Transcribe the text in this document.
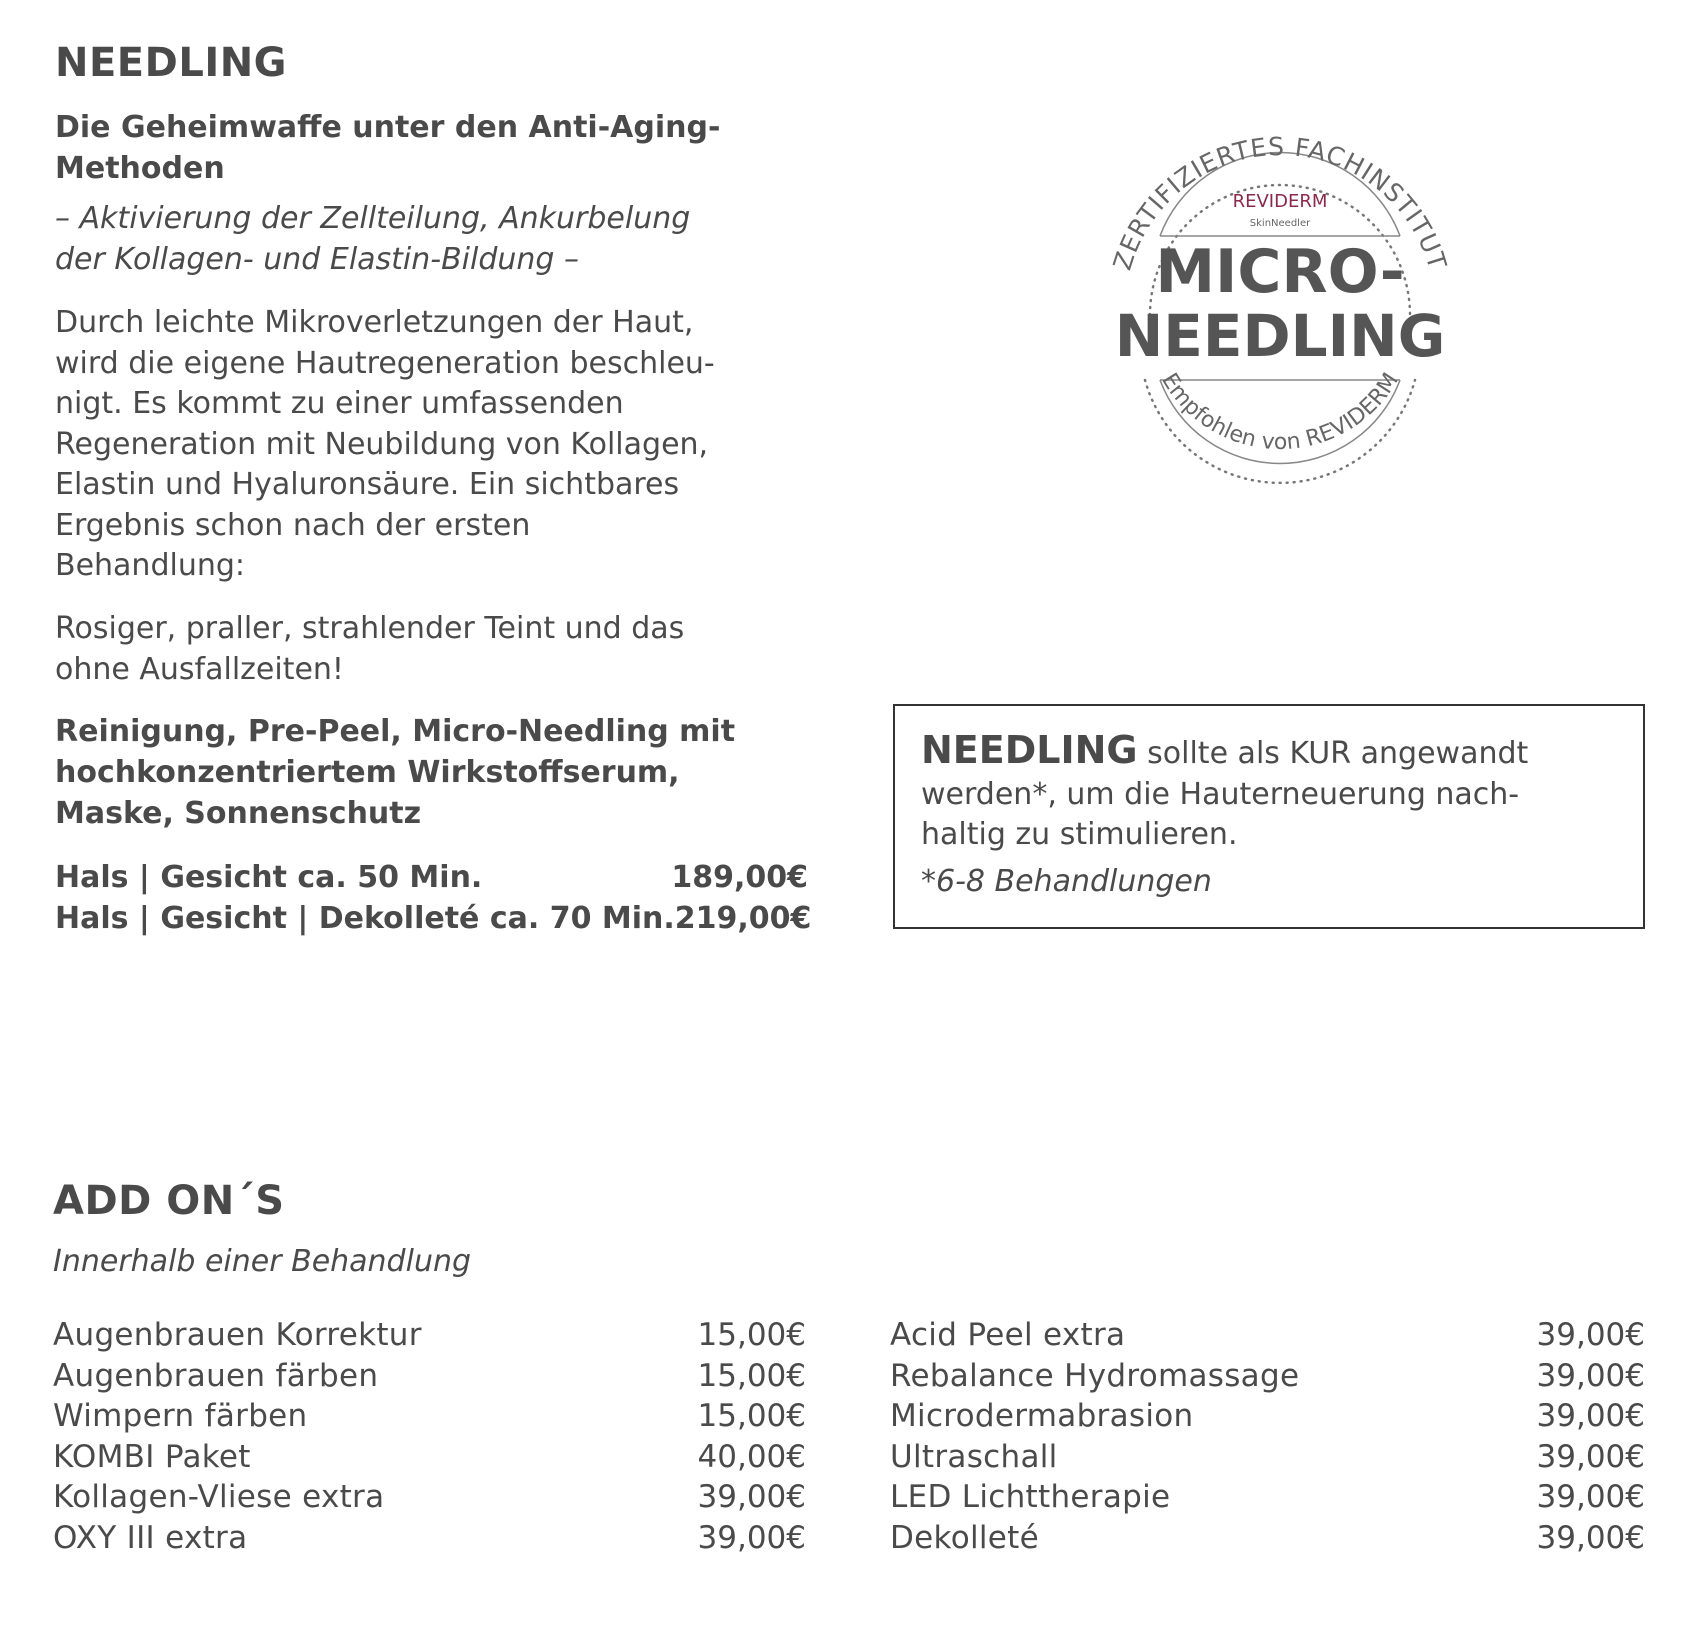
NEEDLING
Die Geheimwaffe unter den Anti-Aging-
Methoden
– Aktivierung der Zellteilung, Ankurbelung
der Kollagen- und Elastin-Bildung –
Durch leichte Mikroverletzungen der Haut,
wird die eigene Hautregeneration beschleu-
nigt. Es kommt zu einer umfassenden
Regeneration mit Neubildung von Kollagen,
Elastin und Hyaluronsäure. Ein sichtbares
Ergebnis schon nach der ersten
Behandlung:
Rosiger, praller, strahlender Teint und das
ohne Ausfallzeiten!
Reinigung, Pre-Peel, Micro-Needling mit
hochkonzentriertem Wirkstoffserum,
Maske, Sonnenschutz
Hals | Gesicht ca. 50 Min.	189,00€
Hals | Gesicht | Dekolleté ca. 70 Min. 219,00€
ZERTIFIZIERTES FACHINSTITUT
REVIDERM
SkinNeedler
MICRO-
NEEDLING
Empfohlen von REVIDERM
NEEDLING sollte als KUR angewandt
werden*, um die Hauterneuerung nach-
haltig zu stimulieren.
*6-8 Behandlungen
ADD ON´S
Innerhalb einer Behandlung
Augenbrauen Korrektur	15,00€
Augenbrauen färben	15,00€
Wimpern färben	15,00€
KOMBI Paket	40,00€
Kollagen-Vliese extra	39,00€
OXY III extra	39,00€
Acid Peel extra	39,00€
Rebalance Hydromassage	39,00€
Microdermabrasion	39,00€
Ultraschall	39,00€
LED Lichttherapie	39,00€
Dekolleté	39,00€
